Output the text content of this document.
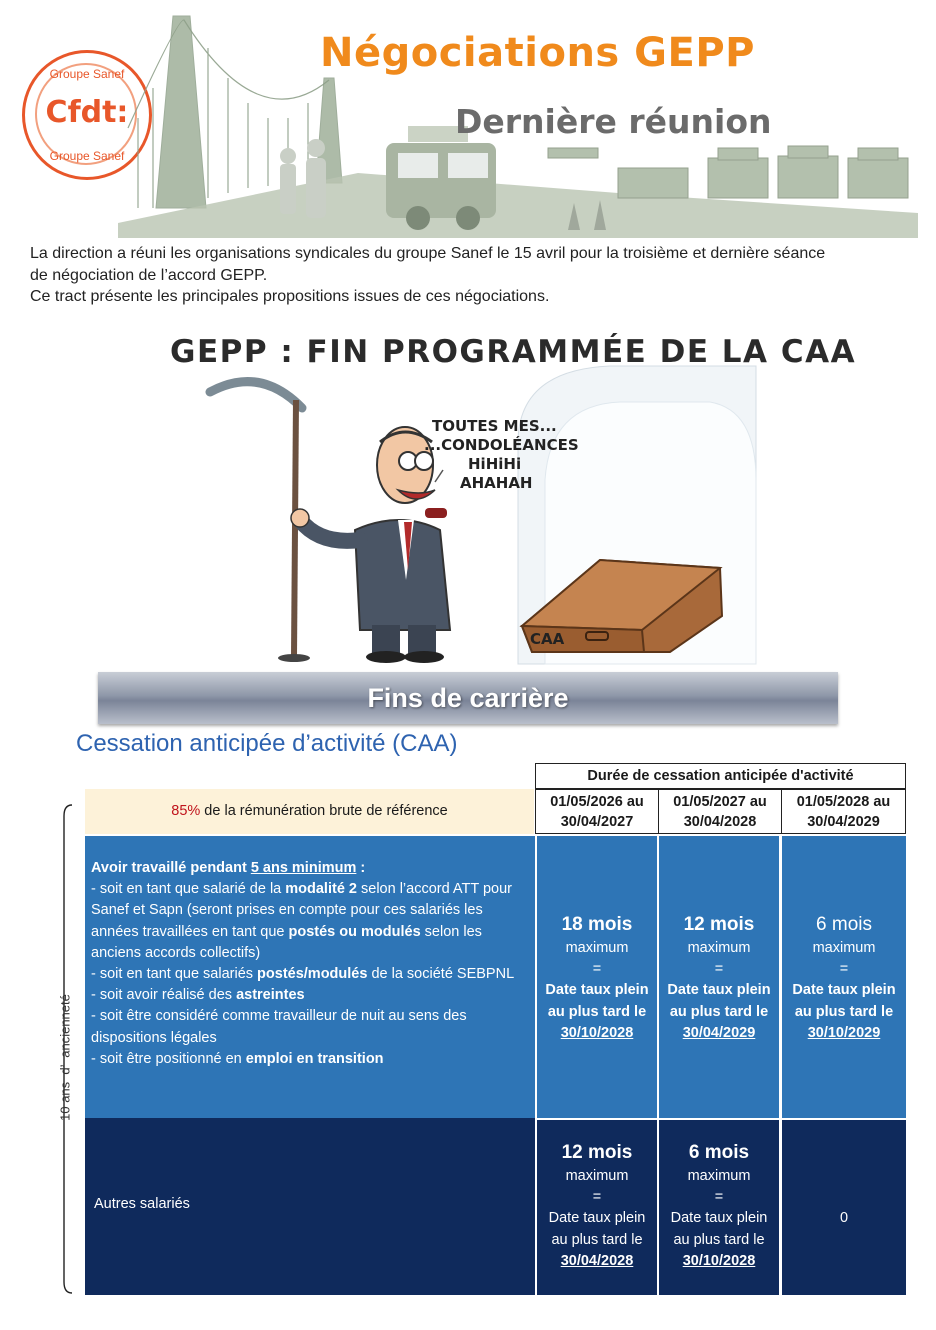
Groupe Sanef
Cfdt:
Groupe Sanef
Négociations GEPP
Dernière réunion

La direction a réuni les organisations syndicales du groupe Sanef le 15 avril pour la troisième et dernière séance

de négociation de l’accord GEPP.

Ce tract présente les principales propositions issues de ces négociations.

GEPP : FIN PROGRAMMÉE DE LA CAA
TOUTES MES...
...CONDOLÉANCES
HiHiHi
AHAHAH
CAA
Fins de carrière
Cessation anticipée d’activité (CAA)
Durée de cessation anticipée d'activité
01/05/2026 au
30/04/2027
01/05/2027 au
30/04/2028
01/05/2028 au
30/04/2029
85% de la rémunération brute de référence
10 ans  d’  ancienneté
Avoir travaillé pendant 5 ans minimum :
- soit en tant que salarié de la modalité 2 selon l’accord ATT pour Sanef et Sapn (seront prises en compte pour ces salariés les années travaillées en tant que postés ou modulés selon les anciens accords collectifs)
- soit en tant que salariés postés/modulés de la société SEBPNL
- soit avoir réalisé des astreintes
- soit être considéré comme travailleur de nuit au sens des dispositions légales
- soit être positionné en emploi en transition
18 mois
maximum
=
Date taux plein
au plus tard le
30/10/2028
12 mois
maximum
=
Date taux plein
au plus tard le
30/04/2029
6 mois
maximum
=
Date taux plein
au plus tard le
30/10/2029
Autres salariés
12 mois
maximum
=
Date taux plein
au plus tard le
30/04/2028
6 mois
maximum
=
Date taux plein
au plus tard le
30/10/2028
0
